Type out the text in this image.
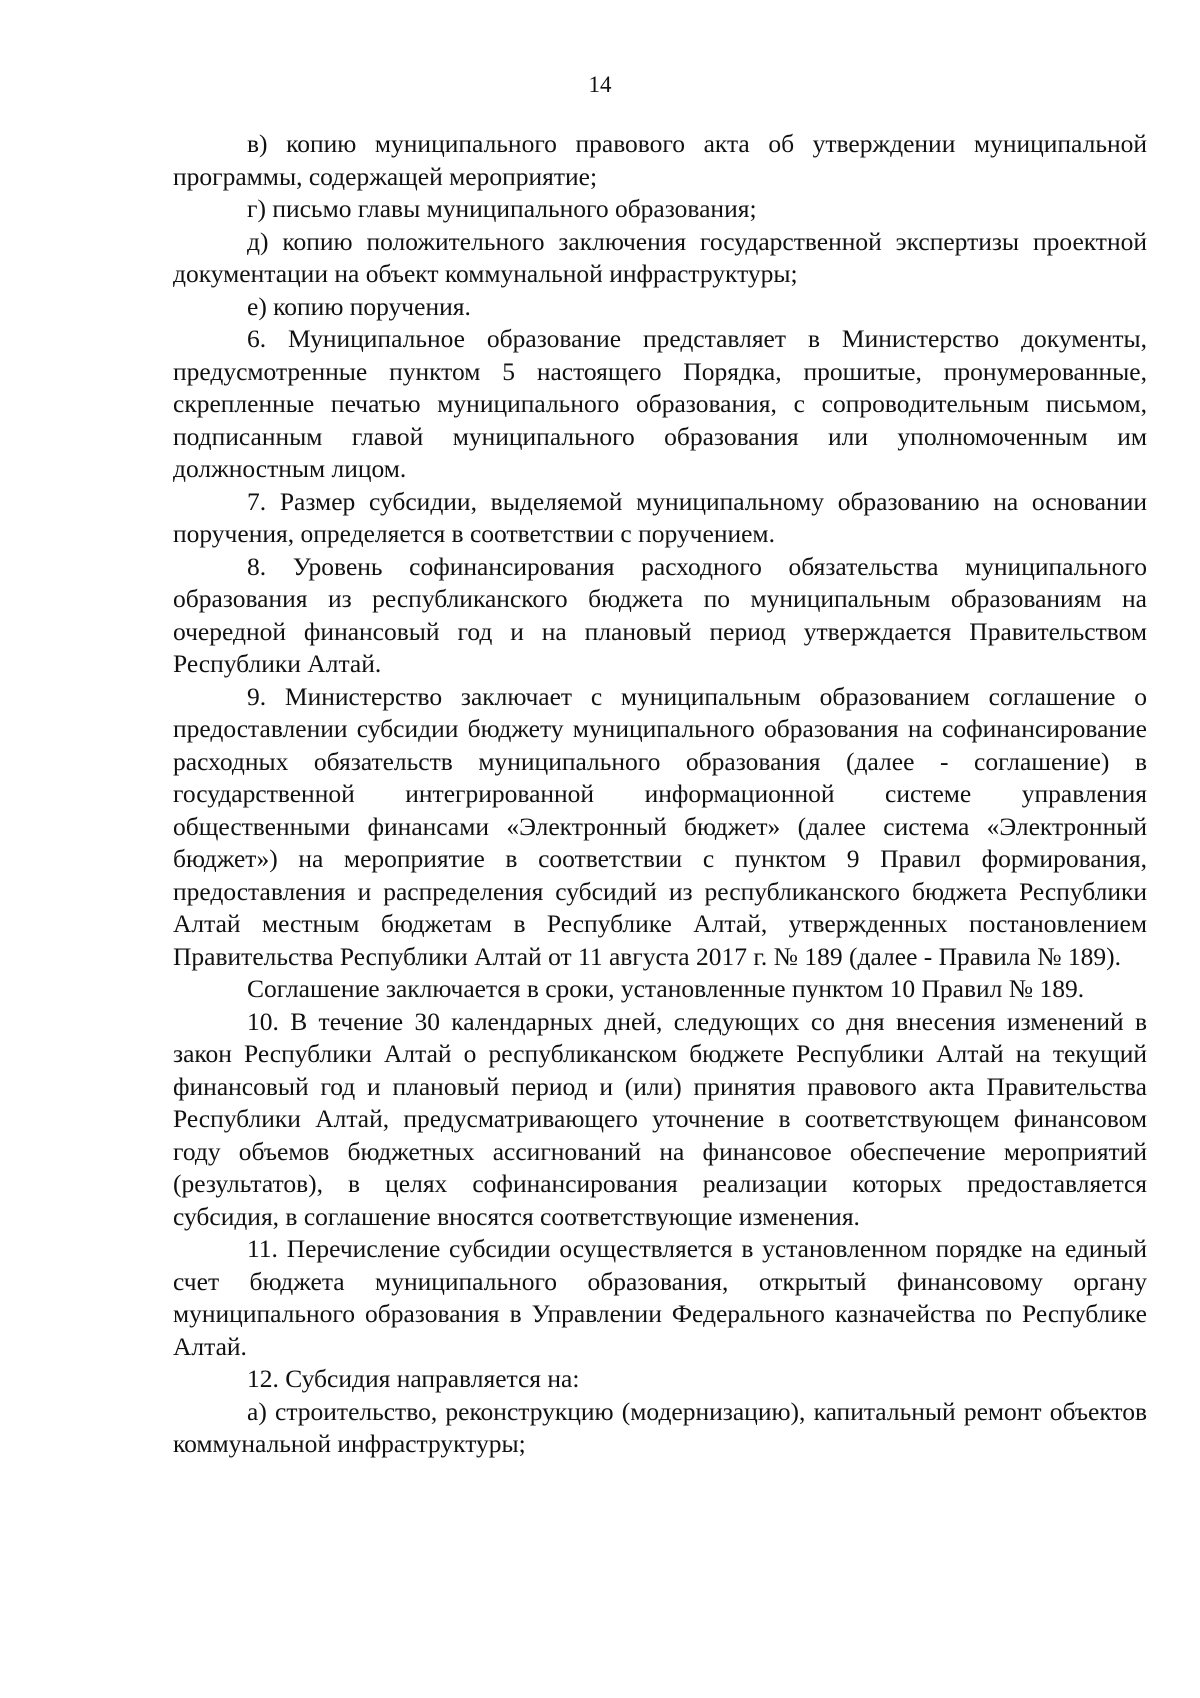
14

в) копию муниципального правового акта об утверждении муниципальной программы, содержащей мероприятие;

г) письмо главы муниципального образования;

д) копию положительного заключения государственной экспертизы проектной документации на объект коммунальной инфраструктуры;

е) копию поручения.

6. Муниципальное образование представляет в Министерство документы, предусмотренные пунктом 5 настоящего Порядка, прошитые, пронумерованные, скрепленные печатью муниципального образования, с сопроводительным письмом, подписанным главой муниципального образования или уполномоченным им должностным лицом.

7. Размер субсидии, выделяемой муниципальному образованию на основании поручения, определяется в соответствии с поручением.

8. Уровень софинансирования расходного обязательства муниципального образования из республиканского бюджета по муниципальным образованиям на очередной финансовый год и на плановый период утверждается Правительством Республики Алтай.

9. Министерство заключает с муниципальным образованием соглашение о предоставлении субсидии бюджету муниципального образования на софинансирование расходных обязательств муниципального образования (далее - соглашение) в государственной интегрированной информационной системе управления общественными финансами «Электронный бюджет» (далее система «Электронный бюджет») на мероприятие в соответствии с пунктом 9 Правил формирования, предоставления и распределения субсидий из республиканского бюджета Республики Алтай местным бюджетам в Республике Алтай, утвержденных постановлением Правительства Республики Алтай от 11 августа 2017 г. № 189 (далее - Правила № 189).

Соглашение заключается в сроки, установленные пунктом 10 Правил № 189.

10. В течение 30 календарных дней, следующих со дня внесения изменений в закон Республики Алтай о республиканском бюджете Республики Алтай на текущий финансовый год и плановый период и (или) принятия правового акта Правительства Республики Алтай, предусматривающего уточнение в соответствующем финансовом году объемов бюджетных ассигнований на финансовое обеспечение мероприятий (результатов), в целях софинансирования реализации которых предоставляется субсидия, в соглашение вносятся соответствующие изменения.

11. Перечисление субсидии осуществляется в установленном порядке на единый счет бюджета муниципального образования, открытый финансовому органу муниципального образования в Управлении Федерального казначейства по Республике Алтай.

12. Субсидия направляется на:

а) строительство, реконструкцию (модернизацию), капитальный ремонт объектов коммунальной инфраструктуры;
